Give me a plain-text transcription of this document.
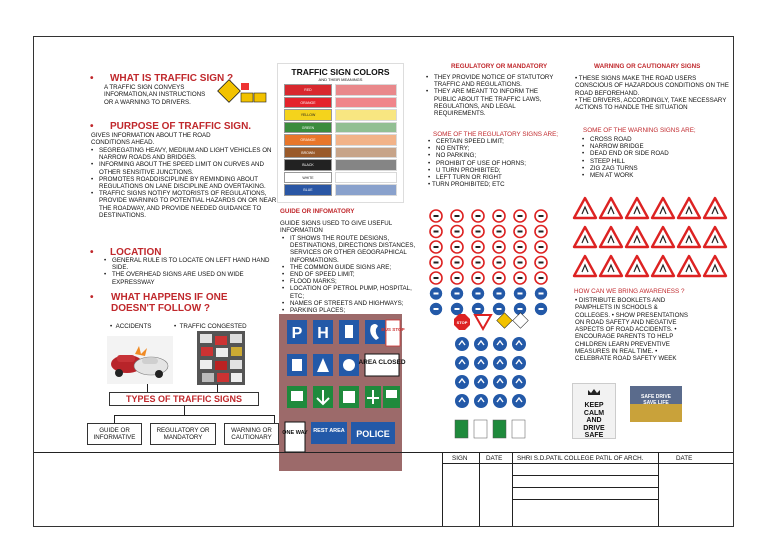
• WHAT IS TRAFFIC SIGN ?
A TRAFFIC SIGN CONVEYS
INFORMATION,AN INSTRUCTIONS
OR A WARNING TO DRIVERS.
• PURPOSE OF TRAFFIC SIGN.
GIVES INFORMATION ABOUT THE ROAD
CONDITIONS AHEAD.
• SEGREGATING HEAVY, MEDIUM AND LIGHT VEHICLES ON NARROW ROADS AND BRIDGES.
• INFORMING ABOUT THE SPEED LIMIT ON CURVES AND OTHER SENSITIVE JUNCTIONS.
• PROMOTES ROADDISCIPLINE BY REMINDING ABOUT REGULATIONS ON LANE DISCIPLINE AND OVERTAKING.
• TRAFFIC SIGNS NOTIFY MOTORISTS OF REGULATIONS, PROVIDE WARNING TO POTENTIAL HAZARDS ON OR NEAR THE ROADWAY, AND PROVIDE NEEDED GUIDANCE TO DESTINATIONS.
• LOCATION
• GENERAL RULE IS TO LOCATE ON LEFT HAND HAND SIDE.
• THE OVERHEAD SIGNS ARE USED ON WIDE EXPRESSWAY
• WHAT HAPPENS IF ONE
DOESN'T FOLLOW ?
•  ACCIDENTS	•  TRAFFIC CONGESTED
TYPES OF TRAFFIC SIGNS
GUIDE OR
INFORMATIVE
REGULATORY OR
MANDATORY
WARNING OR
CAUTIONARY
TRAFFIC SIGN COLORS
AND THEIR MEANINGS
RED
ORANGE
YELLOW
GREEN
ORANGE
BROWN
BLACK
WHITE
BLUE
GUIDE OR INFOMATORY
GUIDE SIGNS USED TO GIVE USEFUL
INFORMATION
• IT SHOWS THE ROUTE DESIGNS, DESTINATIONS, DIRECTIONS DISTANCES, SERVICES OR OTHER GEOGRAPHICAL INFORMATIONS.
• THE COMMON GUIDE SIGNS ARE;
• END OF SPEED LIMIT;
• FLOOD MARKS;
• LOCATION OF PETROL PUMP, HOSPITAL, ETC;
• NAMES OF STREETS AND HIGHWAYS;
• PARKING PLACES;
•
P H	BUS STOP
AREA CLOSED
ONE WAY REST AREA POLICE
REGULATORY OR MANDATORY
• THEY PROVIDE NOTICE OF STATUTORY TRAFFIC AND REGULATIONS.
• THEY ARE MEANT TO INFORM THE PUBLIC ABOUT THE TRAFFIC LAWS, REGULATIONS, AND LEGAL REQUIREMENTS.
SOME OF THE REGULATORY SIGNS ARE;
• CERTAIN SPEED LIMIT;
• NO ENTRY;
• NO PARKING;
• PROHIBIT OF USE OF HORNS;
• U TURN PROHIBITED;
• LEFT TURN OR RIGHT
• TURN PROHIBITED; ETC
STOP
WARNING OR CAUTIONARY SIGNS
• THESE SIGNS MAKE THE ROAD USERS CONSCIOUS OF HAZARDOUS CONDITIONS ON THE ROAD BEFOREHAND.
• THE DRIVERS, ACCORDINGLY, TAKE NECESSARY ACTIONS TO HANDLE THE SITUATION
SOME OF THE WARNING SIGNS ARE;
• CROSS ROAD
• NARROW BRIDGE
• DEAD END OR SIDE ROAD
• STEEP HILL
• ZIG ZAG TURNS
• MEN AT WORK
HOW CAN WE BRING AWARENESS ?
• DISTRIBUTE BOOKLETS AND PAMPHLETS IN SCHOOLS & COLLEGES. • SHOW PRESENTATIONS ON ROAD SAFETY AND NEGATIVE ASPECTS OF ROAD ACCIDENTS. • ENCOURAGE PARENTS TO HELP CHILDREN LEARN PREVENTIVE MEASURES IN REAL TIME. • CELEBRATE ROAD SAFETY WEEK
KEEP
CALM
AND
DRIVE
SAFE
SAFE DRIVE
SAVE LIFE
SIGN	DATE SHRI S.D.PATIL COLLEGE PATIL OF ARCH.	DATE
